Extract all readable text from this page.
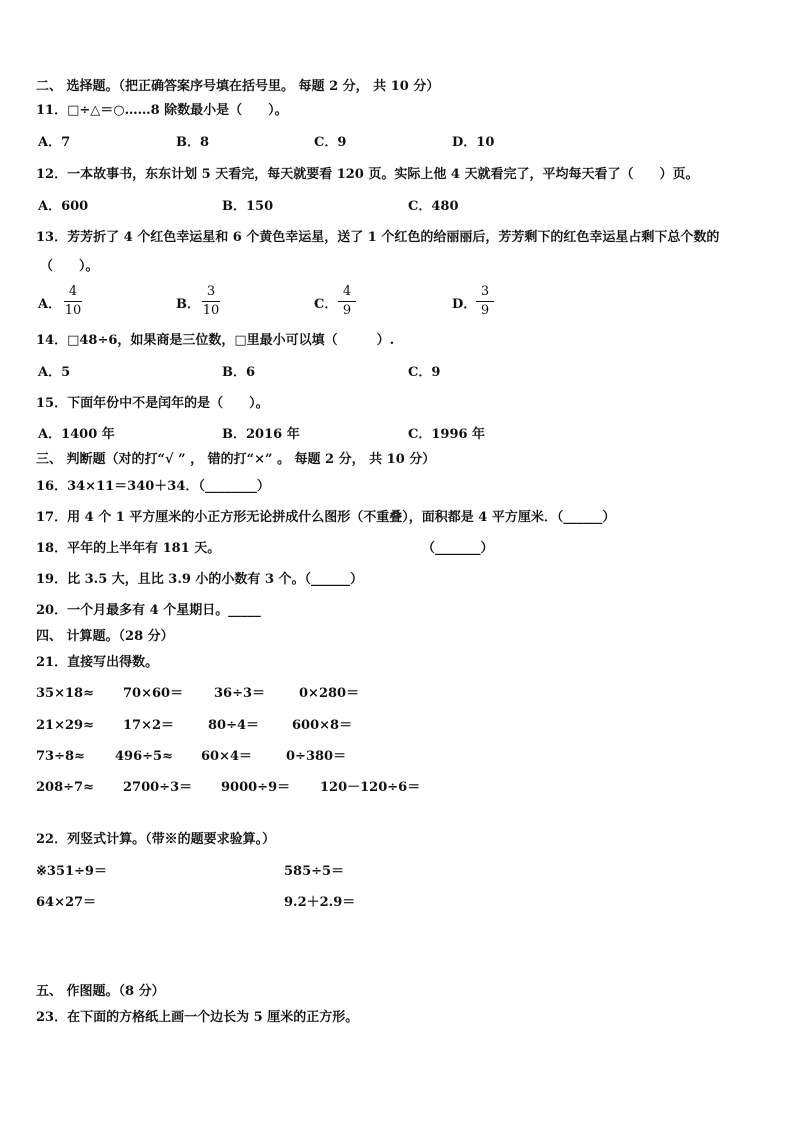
二、 选择题。（把正确答案序号填在括号里。 每题 2 分， 共 10 分）
11．□÷△＝○……8 除数最小是（　　）。
A．7	B．8	C．9	D．10
12．一本故事书，东东计划 5 天看完，每天就要看 120 页。实际上他 4 天就看完了，平均每天看了（　　）页。
A．600	B．150	C．480
13．芳芳折了 4 个红色幸运星和 6 个黄色幸运星，送了 1 个红色的给丽丽后，芳芳剩下的红色幸运星占剩下总个数的
（　　）。
A．
4
10	B．
3
10	C．
4
9	D．
3
9
14．□48÷6，如果商是三位数，□里最小可以填（　　　）.
A．5	B．6	C．9
15．下面年份中不是闰年的是（　　）。
A．1400 年	B．2016 年	C．1996 年
三、 判断题（对的打“√ ” ， 错的打“×” 。 每题 2 分， 共 10 分）
16．34×11＝340＋34．（________）
17．用 4 个 1 平方厘米的小正方形无论拼成什么图形（不重叠），面积都是 4 平方厘米．（______）
18．平年的上半年有 181 天。	（_______）
19．比 3.5 大，且比 3.9 小的小数有 3 个。（______）
20．一个月最多有 4 个星期日。_____
四、 计算题。（28 分）
21．直接写出得数。
35×18≈ 70×60＝ 36÷3＝	0×280＝
21×29≈ 17×2＝	80÷4＝	600×8＝
73÷8≈ 496÷5≈ 60×4＝	0÷380＝
208÷7≈ 2700÷3＝ 9000÷9＝ 120－120÷6＝
22．列竖式计算。（带※的题要求验算。）
※351÷9＝	585÷5＝
64×27＝	9.2＋2.9＝
五、 作图题。（8 分）
23．在下面的方格纸上画一个边长为 5 厘米的正方形。
